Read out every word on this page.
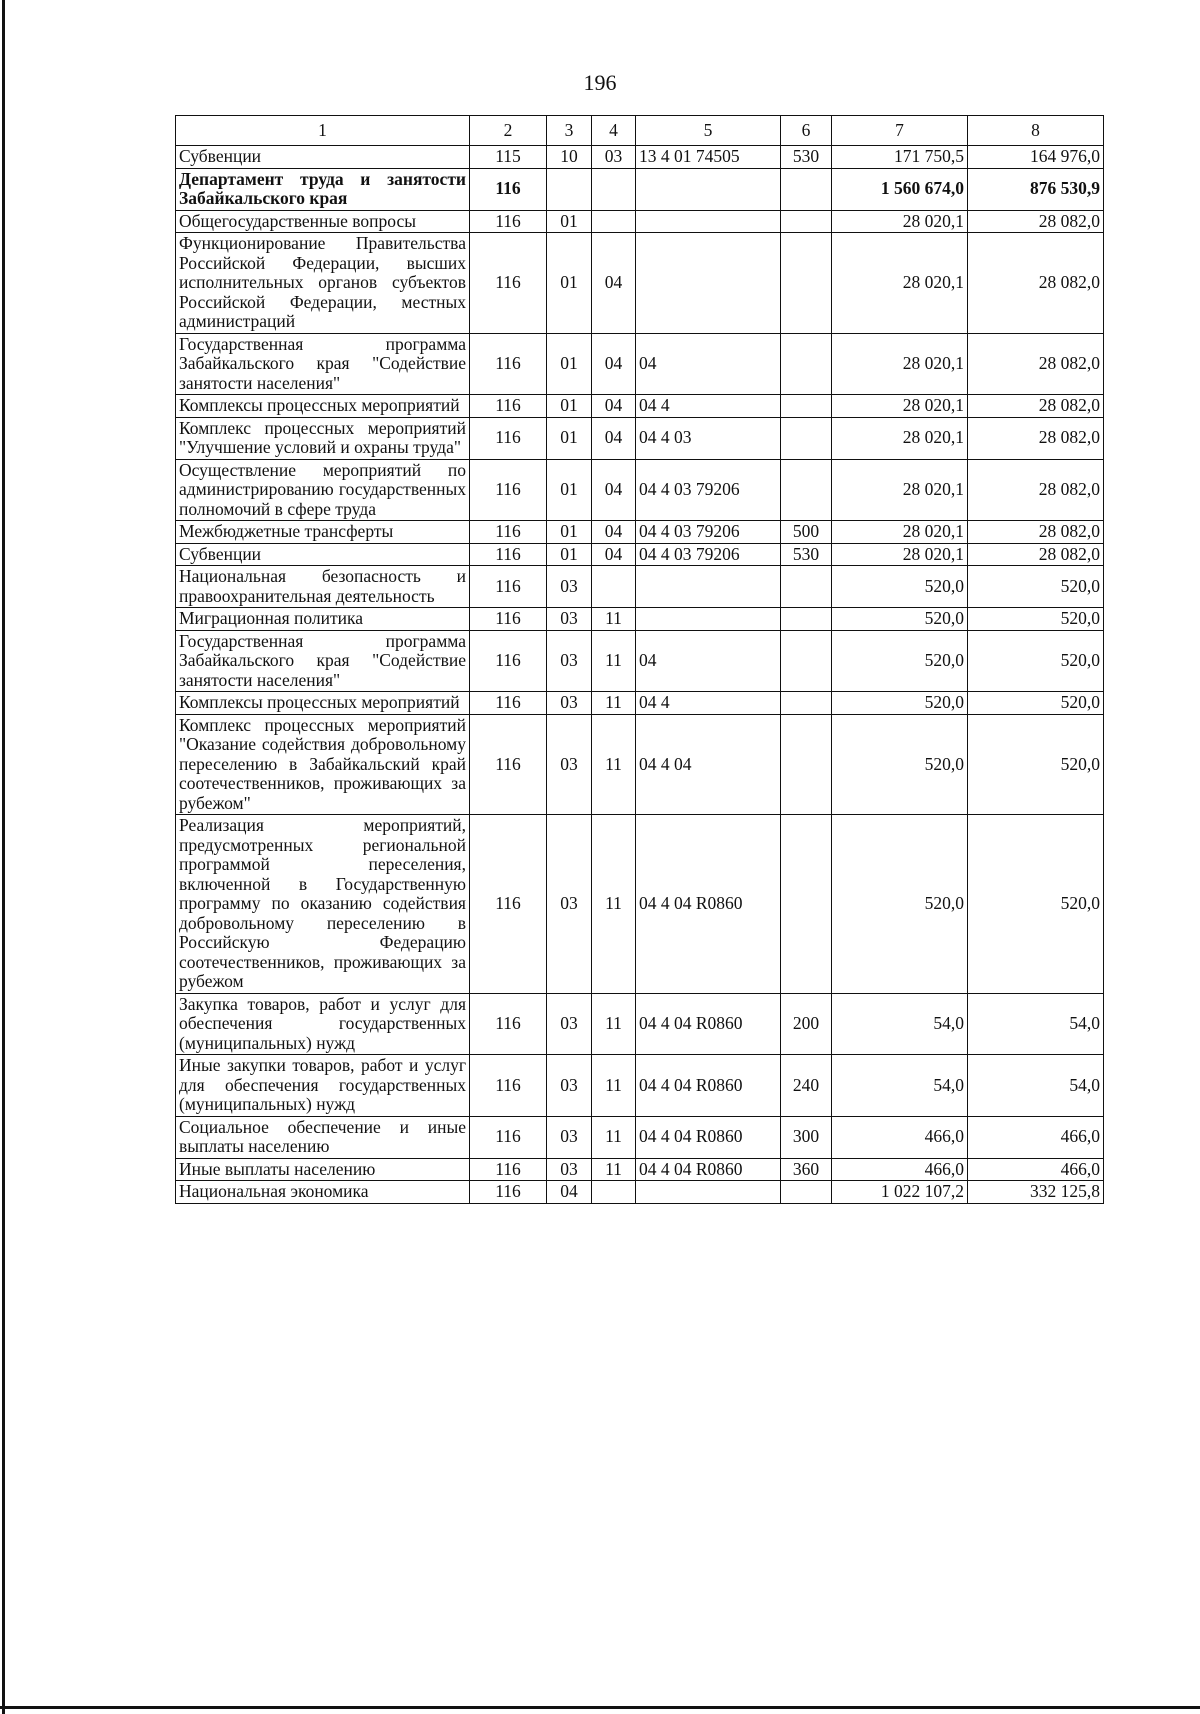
196
1	2	3	4	5	6	7	8
Субвенции	115	10	03	13 4 01 74505	530	171 750,5	164 976,0
Департамент труда и занятости Забайкальского края	116					1 560 674,0	876 530,9
Общегосударственные вопросы	116	01				28 020,1	28 082,0
Функционирование Правительства Российской Федерации, высших исполнительных органов субъектов Российской Федерации, местных администраций	116	01	04			28 020,1	28 082,0
Государственная программа Забайкальского края "Содействие занятости населения"	116	01	04	04		28 020,1	28 082,0
Комплексы процессных мероприятий	116	01	04	04 4		28 020,1	28 082,0
Комплекс процессных мероприятий "Улучшение условий и охраны труда"	116	01	04	04 4 03		28 020,1	28 082,0
Осуществление мероприятий по администрированию государственных полномочий в сфере труда	116	01	04	04 4 03 79206		28 020,1	28 082,0
Межбюджетные трансферты	116	01	04	04 4 03 79206	500	28 020,1	28 082,0
Субвенции	116	01	04	04 4 03 79206	530	28 020,1	28 082,0
Национальная безопасность и правоохранительная деятельность	116	03				520,0	520,0
Миграционная политика	116	03	11			520,0	520,0
Государственная программа Забайкальского края "Содействие занятости населения"	116	03	11	04		520,0	520,0
Комплексы процессных мероприятий	116	03	11	04 4		520,0	520,0
Комплекс процессных мероприятий "Оказание содействия добровольному переселению в Забайкальский край соотечественников, проживающих за рубежом"	116	03	11	04 4 04		520,0	520,0
Реализация мероприятий, предусмотренных региональной программой переселения, включенной в Государственную программу по оказанию содействия добровольному переселению в Российскую Федерацию соотечественников, проживающих за рубежом	116	03	11	04 4 04 R0860		520,0	520,0
Закупка товаров, работ и услуг для обеспечения государственных (муниципальных) нужд	116	03	11	04 4 04 R0860	200	54,0	54,0
Иные закупки товаров, работ и услуг для обеспечения государственных (муниципальных) нужд	116	03	11	04 4 04 R0860	240	54,0	54,0
Социальное обеспечение и иные выплаты населению	116	03	11	04 4 04 R0860	300	466,0	466,0
Иные выплаты населению	116	03	11	04 4 04 R0860	360	466,0	466,0
Национальная экономика	116	04				1 022 107,2	332 125,8
